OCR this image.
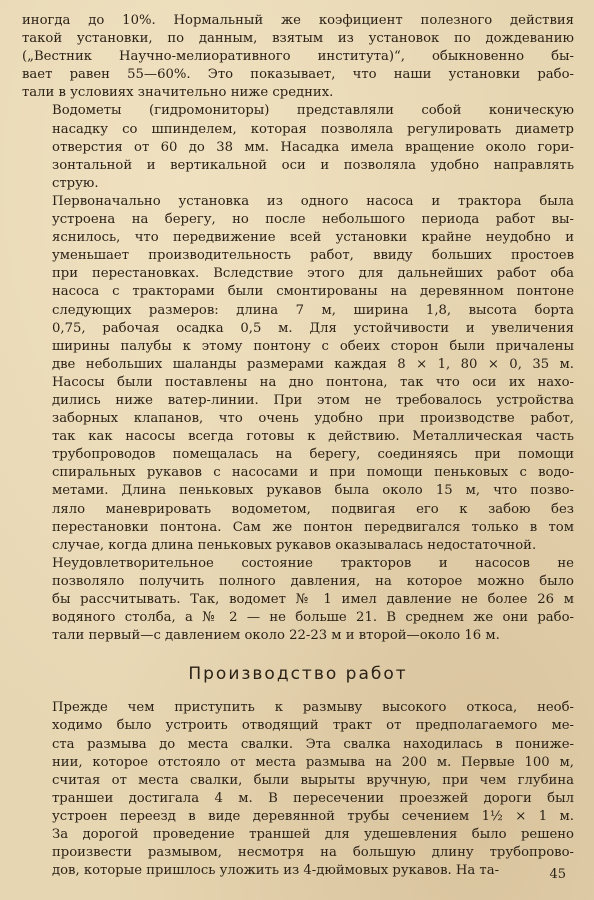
иногда до 10%. Нормальный же коэфициент полезного действия
такой установки, по данным, взятым из установок по дождеванию
(„Вестник Научно-мелиоративного института)“, обыкновенно бы-
вает равен 55—60%. Это показывает, что наши установки рабо-
тали в условиях значительно ниже средних.
Водометы (гидромониторы) представляли собой коническую
насадку со шпинделем, которая позволяла регулировать диаметр
отверстия от 60 до 38 мм. Насадка имела вращение около гори-
зонтальной и вертикальной оси и позволяла удобно направлять
струю.
Первоначально установка из одного насоса и трактора была
устроена на берегу, но после небольшого периода работ вы-
яснилось, что передвижение всей установки крайне неудобно и
уменьшает производительность работ, ввиду больших простоев
при перестановках. Вследствие этого для дальнейших работ оба
насоса с тракторами были смонтированы на деревянном понтоне
следующих размеров: длина 7 м, ширина 1,8, высота борта
0,75, рабочая осадка 0,5 м. Для устойчивости и увеличения
ширины палубы к этому понтону с обеих сторон были причалены
две небольших шаланды размерами каждая 8 × 1, 80 × 0, 35 м.
Насосы были поставлены на дно понтона, так что оси их нахо-
дились ниже ватер-линии. При этом не требовалось устройства
заборных клапанов, что очень удобно при производстве работ,
так как насосы всегда готовы к действию. Металлическая часть
трубопроводов помещалась на берегу, соединяясь при помощи
спиральных рукавов с насосами и при помощи пеньковых с водо-
метами. Длина пеньковых рукавов была около 15 м, что позво-
ляло маневрировать водометом, подвигая его к забою без
перестановки понтона. Сам же понтон передвигался только в том
случае, когда длина пеньковых рукавов оказывалась недостаточной.
Неудовлетворительное состояние тракторов и насосов не
позволяло получить полного давления, на которое можно было
бы рассчитывать. Так, водомет № 1 имел давление не более 26 м
водяного столба, а № 2 — не больше 21. В среднем же они рабо-
тали первый—с давлением около 22-23 м и второй—около 16 м.
Производство работ
Прежде чем приступить к размыву высокого откоса, необ-
ходимо было устроить отводящий тракт от предполагаемого ме-
ста размыва до места свалки. Эта свалка находилась в пониже-
нии, которое отстояло от места размыва на 200 м. Первые 100 м,
считая от места свалки, были вырыты вручную, при чем глубина
траншеи достигала 4 м. В пересечении проезжей дороги был
устроен переезд в виде деревянной трубы сечением 1½ × 1 м.
За дорогой проведение траншей для удешевления было решено
произвести размывом, несмотря на большую длину трубопрово-
дов, которые пришлось уложить из 4-дюймовых рукавов. На та-	45
